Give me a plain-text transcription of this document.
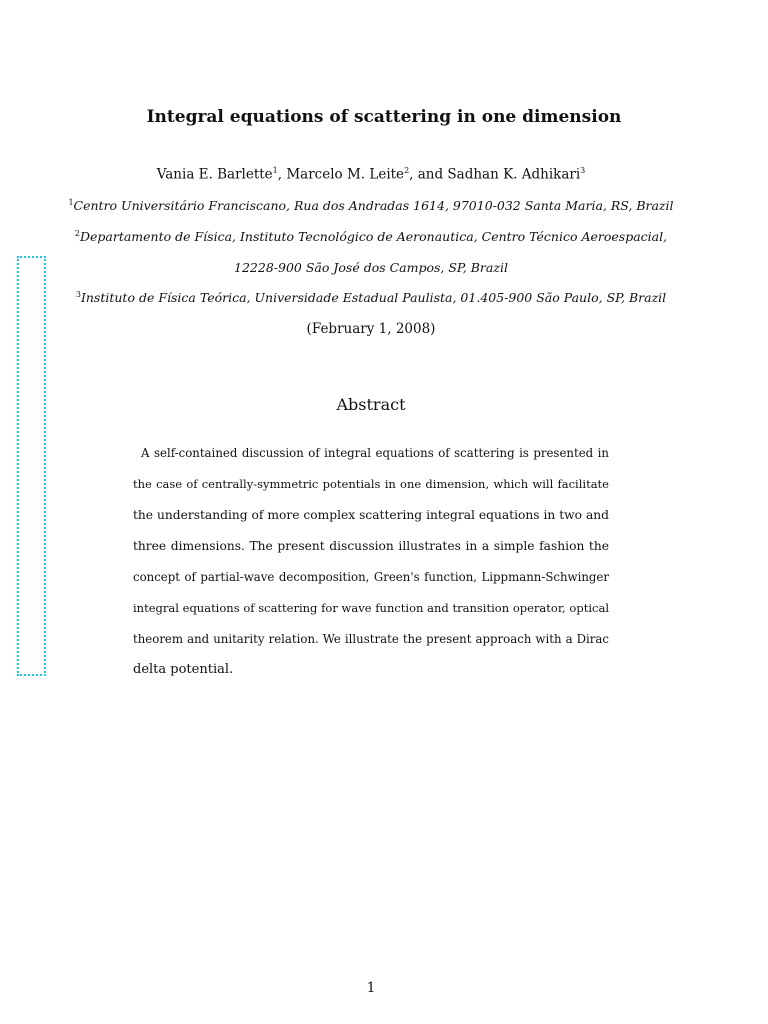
Integral equations of scattering in one dimension
Vania E. Barlette$^1$, Marcelo M. Leite$^2$, and Sadhan K. Adhikari$^3$
$^1$Centro Universitário Franciscano, Rua dos Andradas 1614, 97010-032 Santa Maria, RS, Brazil
$^2$Departamento de Física, Instituto Tecnológico de Aeronautica, Centro Técnico Aeroespacial,
12228-900 São José dos Campos, SP, Brazil
$^3$Instituto de Física Teórica, Universidade Estadual Paulista, 01.405-900 São Paulo, SP, Brazil
(February 1, 2008)
Abstract
A self-contained discussion of integral equations of scattering is presented in
the case of centrally-symmetric potentials in one dimension, which will facilitate
the understanding of more complex scattering integral equations in two and
three dimensions. The present discussion illustrates in a simple fashion the
concept of partial-wave decomposition, Green's function, Lippmann-Schwinger
integral equations of scattering for wave function and transition operator, optical
theorem and unitarity relation. We illustrate the present approach with a Dirac
delta potential.
1
